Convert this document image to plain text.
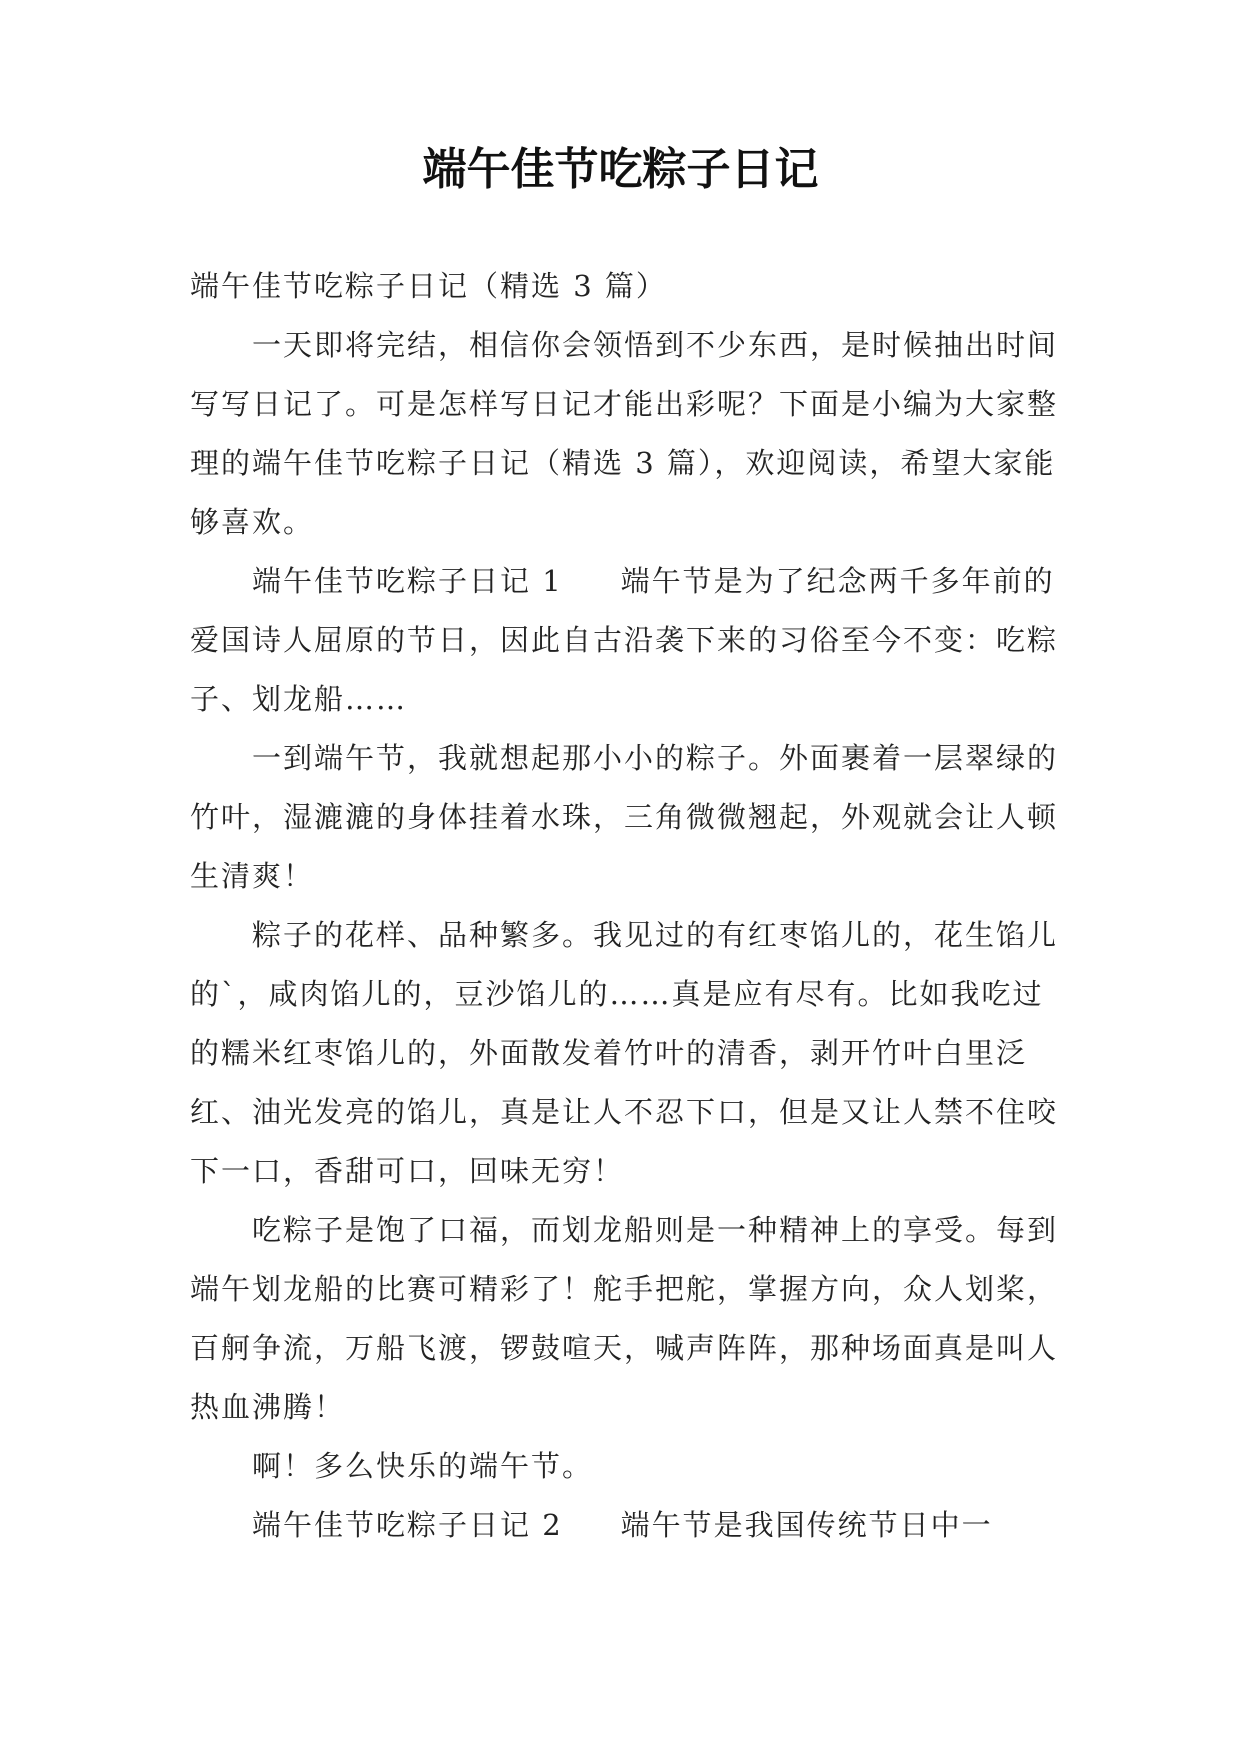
端午佳节吃粽子日记

端午佳节吃粽子日记（精选 3 篇）

一天即将完结，相信你会领悟到不少东西，是时候抽出时间写写日记了。可是怎样写日记才能出彩呢？下面是小编为大家整理的端午佳节吃粽子日记（精选 3 篇），欢迎阅读，希望大家能够喜欢。

端午佳节吃粽子日记 1 端午节是为了纪念两千多年前的爱国诗人屈原的节日，因此自古沿袭下来的习俗至今不变：吃粽子、划龙船……

一到端午节，我就想起那小小的粽子。外面裹着一层翠绿的竹叶，湿漉漉的身体挂着水珠，三角微微翘起，外观就会让人顿生清爽！

粽子的花样、品种繁多。我见过的有红枣馅儿的，花生馅儿的`，咸肉馅儿的，豆沙馅儿的……真是应有尽有。比如我吃过的糯米红枣馅儿的，外面散发着竹叶的清香，剥开竹叶白里泛红、油光发亮的馅儿，真是让人不忍下口，但是又让人禁不住咬下一口，香甜可口，回味无穷！

吃粽子是饱了口福，而划龙船则是一种精神上的享受。每到端午划龙船的比赛可精彩了！舵手把舵，掌握方向，众人划桨，百舸争流，万船飞渡，锣鼓喧天，喊声阵阵，那种场面真是叫人热血沸腾！

啊！多么快乐的端午节。

端午佳节吃粽子日记 2 端午节是我国传统节日中一
